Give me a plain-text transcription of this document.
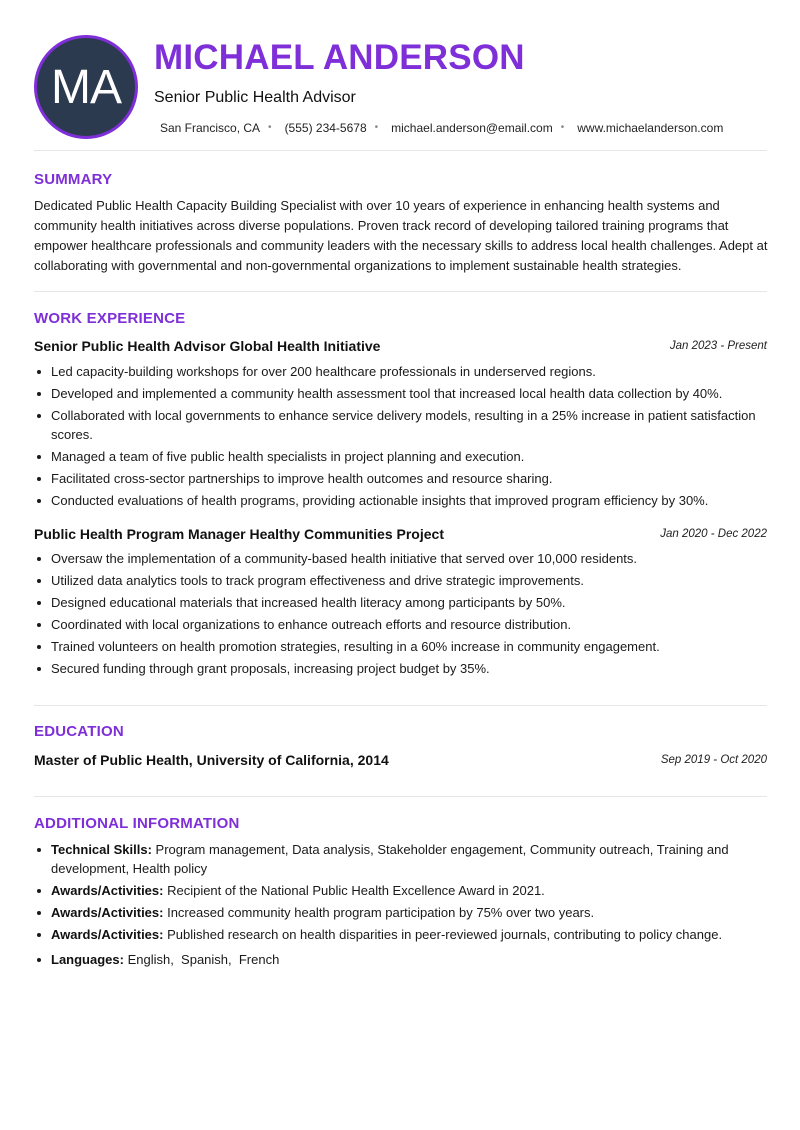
MA
MICHAEL ANDERSON
Senior Public Health Advisor
San Francisco, CA • (555) 234-5678 • michael.anderson@email.com • www.michaelanderson.com
SUMMARY
Dedicated Public Health Capacity Building Specialist with over 10 years of experience in enhancing health systems and community health initiatives across diverse populations. Proven track record of developing tailored training programs that empower healthcare professionals and community leaders with the necessary skills to address local health challenges. Adept at collaborating with governmental and non-governmental organizations to implement sustainable health strategies.
WORK EXPERIENCE
Senior Public Health Advisor Global Health Initiative	Jan 2023 - Present
Led capacity-building workshops for over 200 healthcare professionals in underserved regions.
Developed and implemented a community health assessment tool that increased local health data collection by 40%.
Collaborated with local governments to enhance service delivery models, resulting in a 25% increase in patient satisfaction scores.
Managed a team of five public health specialists in project planning and execution.
Facilitated cross-sector partnerships to improve health outcomes and resource sharing.
Conducted evaluations of health programs, providing actionable insights that improved program efficiency by 30%.
Public Health Program Manager Healthy Communities Project	Jan 2020 - Dec 2022
Oversaw the implementation of a community-based health initiative that served over 10,000 residents.
Utilized data analytics tools to track program effectiveness and drive strategic improvements.
Designed educational materials that increased health literacy among participants by 50%.
Coordinated with local organizations to enhance outreach efforts and resource distribution.
Trained volunteers on health promotion strategies, resulting in a 60% increase in community engagement.
Secured funding through grant proposals, increasing project budget by 35%.
EDUCATION
Master of Public Health, University of California, 2014	Sep 2019 - Oct 2020
ADDITIONAL INFORMATION
Technical Skills: Program management, Data analysis, Stakeholder engagement, Community outreach, Training and development, Health policy
Awards/Activities: Recipient of the National Public Health Excellence Award in 2021.
Awards/Activities: Increased community health program participation by 75% over two years.
Awards/Activities: Published research on health disparities in peer-reviewed journals, contributing to policy change.
Languages: English,  Spanish,  French
